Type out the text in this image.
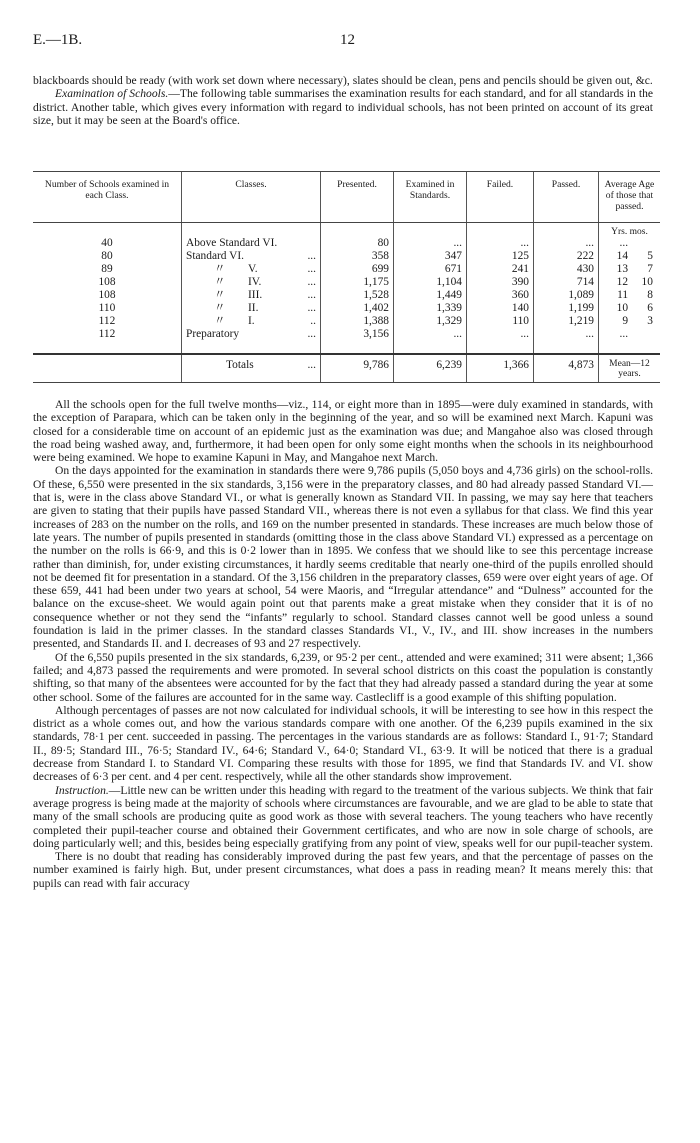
E.—1B.	12

blackboards should be ready (with work set down where necessary), slates should be clean, pens and pencils should be given out, &c.

Examination of Schools.—The following table summarises the examination results for each standard, and for all standards in the district. Another table, which gives every information with regard to individual schools, has not been printed on account of its great size, but it may be seen at the Board's office.

Number of Schools examined in each Class.	Classes.	Presented.	Examined in Standards.	Failed.	Passed.	Average Age of those that passed.
						Yrs. mos.
40	Above Standard VI.	80	...	...	...	...
80	Standard VI. ...	358	347	125	222	14 5
89	〃 V. ...	699	671	241	430	13 7
108	〃 IV. ...	1,175	1,104	390	714	12 10
108	〃 III. ...	1,528	1,449	360	1,089	11 8
110	〃 II. ...	1,402	1,339	140	1,199	10 6
112	〃 I. ..	1,388	1,329	110	1,219	9 3
112	Preparatory ...	3,156	...	...	...	...

	Totals ...	9,786	6,239	1,366	4,873	Mean—12 years.

All the schools open for the full twelve months—viz., 114, or eight more than in 1895—were duly examined in standards, with the exception of Parapara, which can be taken only in the beginning of the year, and so will be examined next March. Kapuni was closed for a considerable time on account of an epidemic just as the examination was due; and Mangahoe also was closed through the road being washed away, and, furthermore, it had been open for only some eight months when the schools in its neighbourhood were being examined. We hope to examine Kapuni in May, and Mangahoe next March.

On the days appointed for the examination in standards there were 9,786 pupils (5,050 boys and 4,736 girls) on the school-rolls. Of these, 6,550 were presented in the six standards, 3,156 were in the preparatory classes, and 80 had already passed Standard VI.—that is, were in the class above Standard VI., or what is generally known as Standard VII. In passing, we may say here that teachers are given to stating that their pupils have passed Standard VII., whereas there is not even a syllabus for that class. We find this year increases of 283 on the number on the rolls, and 169 on the number presented in standards. These increases are much below those of late years. The number of pupils presented in standards (omitting those in the class above Standard VI.) expressed as a percentage on the number on the rolls is 66·9, and this is 0·2 lower than in 1895. We confess that we should like to see this percentage increase rather than diminish, for, under existing circumstances, it hardly seems creditable that nearly one-third of the pupils enrolled should not be deemed fit for presentation in a standard. Of the 3,156 children in the preparatory classes, 659 were over eight years of age. Of these 659, 441 had been under two years at school, 54 were Maoris, and “Irregular attendance” and “Dulness” accounted for the balance on the excuse-sheet. We would again point out that parents make a great mistake when they consider that it is of no consequence whether or not they send the “infants” regularly to school. Standard classes cannot well be good unless a sound foundation is laid in the primer classes. In the standard classes Standards VI., V., IV., and III. show increases in the numbers presented, and Standards II. and I. decreases of 93 and 27 respectively.

Of the 6,550 pupils presented in the six standards, 6,239, or 95·2 per cent., attended and were examined; 311 were absent; 1,366 failed; and 4,873 passed the requirements and were promoted. In several school districts on this coast the population is constantly shifting, so that many of the absentees were accounted for by the fact that they had already passed a standard during the year at some other school. Some of the failures are accounted for in the same way. Castlecliff is a good example of this shifting population.

Although percentages of passes are not now calculated for individual schools, it will be interesting to see how in this respect the district as a whole comes out, and how the various standards compare with one another. Of the 6,239 pupils examined in the six standards, 78·1 per cent. succeeded in passing. The percentages in the various standards are as follows: Standard I., 91·7; Standard II., 89·5; Standard III., 76·5; Standard IV., 64·6; Standard V., 64·0; Standard VI., 63·9. It will be noticed that there is a gradual decrease from Standard I. to Standard VI. Comparing these results with those for 1895, we find that Standards IV. and VI. show decreases of 6·3 per cent. and 4 per cent. respectively, while all the other standards show improvement.

Instruction.—Little new can be written under this heading with regard to the treatment of the various subjects. We think that fair average progress is being made at the majority of schools where circumstances are favourable, and we are glad to be able to state that many of the small schools are producing quite as good work as those with several teachers. The young teachers who have recently completed their pupil-teacher course and obtained their Government certificates, and who are now in sole charge of schools, are doing particularly well; and this, besides being especially gratifying from any point of view, speaks well for our pupil-teacher system.

There is no doubt that reading has considerably improved during the past few years, and that the percentage of passes on the number examined is fairly high. But, under present circumstances, what does a pass in reading mean? It means merely this: that pupils can read with fair accuracy
